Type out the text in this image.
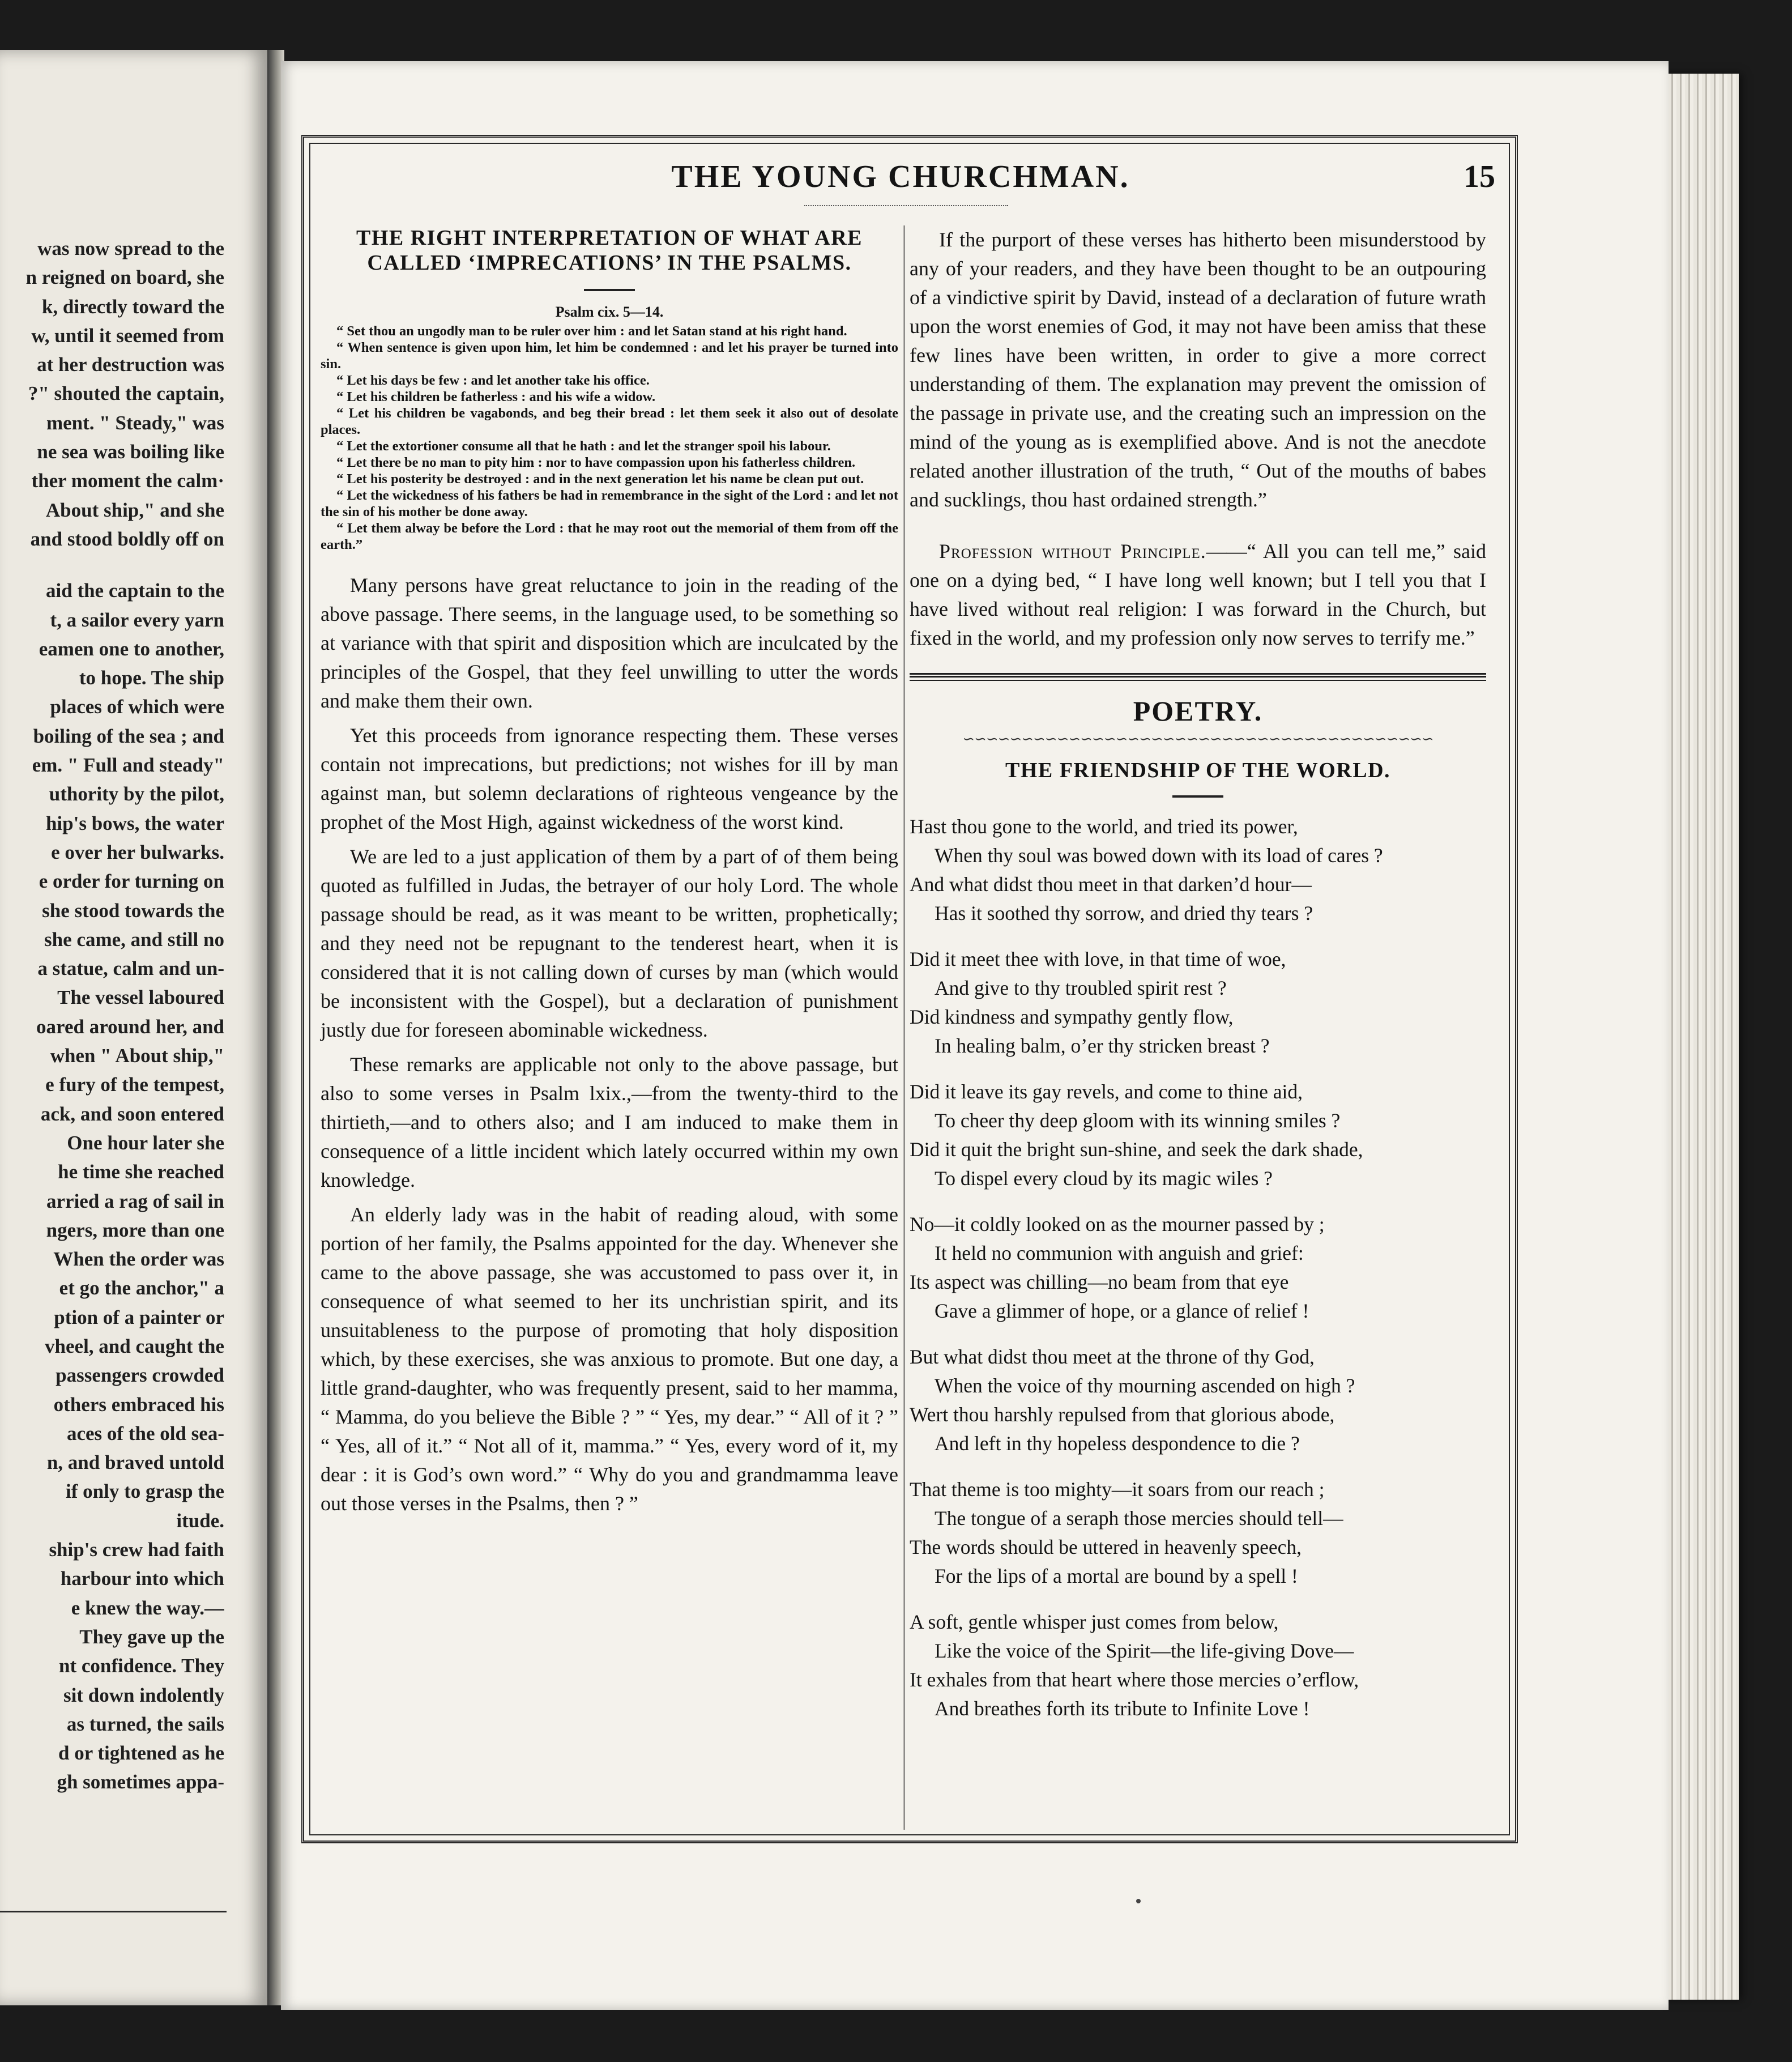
was now spread to the
n reigned on board, she
k, directly toward the
w, until it seemed from
at her destruction was
?" shouted the captain,
ment. " Steady," was
ne sea was boiling like
ther moment the calm·
About ship," and she
and stood boldly off on
aid the captain to the
t, a sailor every yarn
eamen one to another,
to hope. The ship
places of which were
boiling of the sea ; and
em. " Full and steady"
uthority by the pilot,
hip's bows, the water
e over her bulwarks.
e order for turning on
she stood towards the
she came, and still no
a statue, calm and un-
The vessel laboured
oared around her, and
when " About ship,"
e fury of the tempest,
ack, and soon entered
One hour later she
he time she reached
arried a rag of sail in
ngers, more than one
When the order was
et go the anchor," a
ption of a painter or
vheel, and caught the
passengers crowded
others embraced his
aces of the old sea-
n, and braved untold
if only to grasp the
itude.
ship's crew had faith
harbour into which
e knew the way.—
They gave up the
nt confidence. They
sit down indolently
as turned, the sails
d or tightened as he
gh sometimes appa-
THE YOUNG CHURCHMAN.	15
THE RIGHT INTERPRETATION OF WHAT ARE CALLED ‘IMPRECATIONS’ IN THE PSALMS.

Psalm cix. 5—14.

“ Set thou an ungodly man to be ruler over him : and let Satan stand at his right hand.

“ When sentence is given upon him, let him be condemned : and let his prayer be turned into sin.

“ Let his days be few : and let another take his office.

“ Let his children be fatherless : and his wife a widow.

“ Let his children be vagabonds, and beg their bread : let them seek it also out of desolate places.

“ Let the extortioner consume all that he hath : and let the stranger spoil his labour.

“ Let there be no man to pity him : nor to have compassion upon his fatherless children.

“ Let his posterity be destroyed : and in the next generation let his name be clean put out.

“ Let the wickedness of his fathers be had in remembrance in the sight of the Lord : and let not the sin of his mother be done away.

“ Let them alway be before the Lord : that he may root out the memorial of them from off the earth.”

Many persons have great reluctance to join in the reading of the above passage. There seems, in the language used, to be something so at variance with that spirit and disposition which are inculcated by the principles of the Gospel, that they feel unwilling to utter the words and make them their own.

Yet this proceeds from ignorance respecting them. These verses contain not imprecations, but predictions; not wishes for ill by man against man, but solemn declarations of righteous vengeance by the prophet of the Most High, against wickedness of the worst kind.

We are led to a just application of them by a part of of them being quoted as fulfilled in Judas, the betrayer of our holy Lord. The whole passage should be read, as it was meant to be written, prophetically; and they need not be repugnant to the tenderest heart, when it is considered that it is not calling down of curses by man (which would be inconsistent with the Gospel), but a declaration of punishment justly due for foreseen abominable wickedness.

These remarks are applicable not only to the above passage, but also to some verses in Psalm lxix.,—from the twenty-third to the thirtieth,—and to others also; and I am induced to make them in consequence of a little incident which lately occurred within my own knowledge.

An elderly lady was in the habit of reading aloud, with some portion of her family, the Psalms appointed for the day. Whenever she came to the above passage, she was accustomed to pass over it, in consequence of what seemed to her its unchristian spirit, and its unsuitableness to the purpose of promoting that holy disposition which, by these exercises, she was anxious to promote. But one day, a little grand-daughter, who was frequently present, said to her mamma, “ Mamma, do you believe the Bible ? ” “ Yes, my dear.” “ All of it ? ” “ Yes, all of it.” “ Not all of it, mamma.” “ Yes, every word of it, my dear : it is God’s own word.” “ Why do you and grandmamma leave out those verses in the Psalms, then ? ”

If the purport of these verses has hitherto been misunderstood by any of your readers, and they have been thought to be an outpouring of a vindictive spirit by David, instead of a declaration of future wrath upon the worst enemies of God, it may not have been amiss that these few lines have been written, in order to give a more correct understanding of them. The explanation may prevent the omission of the passage in private use, and the creating such an impression on the mind of the young as is exemplified above. And is not the anecdote related another illustration of the truth, “ Out of the mouths of babes and sucklings, thou hast ordained strength.”

Profession without Principle.——“ All you can tell me,” said one on a dying bed, “ I have long well known; but I tell you that I have lived without real religion: I was forward in the Church, but fixed in the world, and my profession only now serves to terrify me.”

POETRY.
∽∽∽∽∽∽∽∽∽∽∽∽∽∽∽∽∽∽∽∽∽∽∽∽∽∽∽∽∽∽∽∽∽∽∽∽∽∽∽∽
THE FRIENDSHIP OF THE WORLD.
Hast thou gone to the world, and tried its power,
When thy soul was bowed down with its load of cares ?
And what didst thou meet in that darken’d hour—
Has it soothed thy sorrow, and dried thy tears ?
Did it meet thee with love, in that time of woe,
And give to thy troubled spirit rest ?
Did kindness and sympathy gently flow,
In healing balm, o’er thy stricken breast ?
Did it leave its gay revels, and come to thine aid,
To cheer thy deep gloom with its winning smiles ?
Did it quit the bright sun-shine, and seek the dark shade,
To dispel every cloud by its magic wiles ?
No—it coldly looked on as the mourner passed by ;
It held no communion with anguish and grief:
Its aspect was chilling—no beam from that eye
Gave a glimmer of hope, or a glance of relief !
But what didst thou meet at the throne of thy God,
When the voice of thy mourning ascended on high ?
Wert thou harshly repulsed from that glorious abode,
And left in thy hopeless despondence to die ?
That theme is too mighty—it soars from our reach ;
The tongue of a seraph those mercies should tell—
The words should be uttered in heavenly speech,
For the lips of a mortal are bound by a spell !
A soft, gentle whisper just comes from below,
Like the voice of the Spirit—the life-giving Dove—
It exhales from that heart where those mercies o’erflow,
And breathes forth its tribute to Infinite Love !
